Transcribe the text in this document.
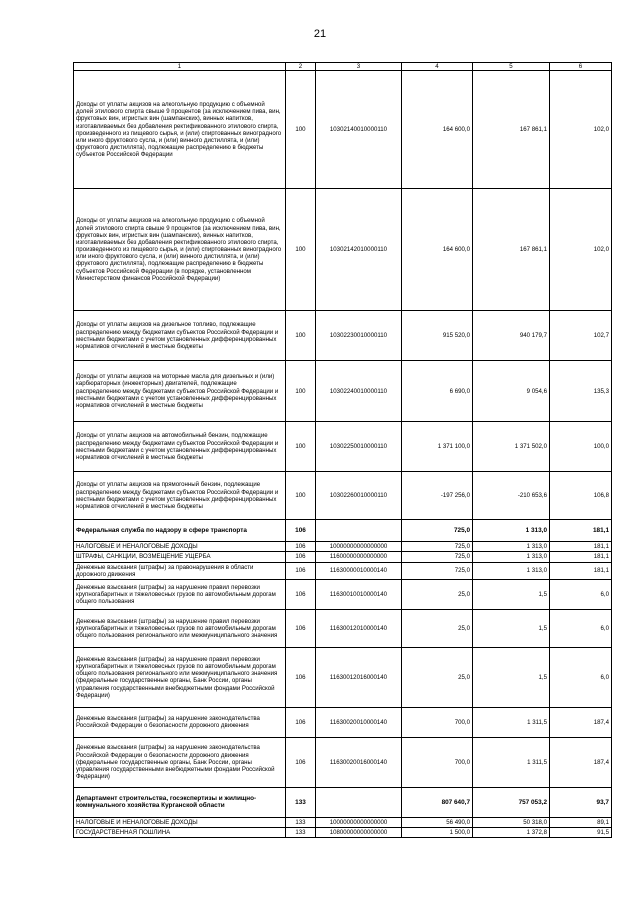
21
1	2	3	4	5	6
Доходы от уплаты акцизов на алкогольную продукцию с объемной долей этилового спирта свыше 9 процентов (за исключением пива, вин, фруктовых вин, игристых вин (шампанских), винных напитков, изготавливаемых без добавления ректификованного этилового спирта, произведенного из пищевого сырья, и (или) спиртованных виноградного или иного фруктового сусла, и (или) винного дистиллята, и (или) фруктового дистиллята), подлежащие распределению в бюджеты субъектов Российской Федерации	100	10302140010000110	164 600,0	167 861,1	102,0
Доходы от уплаты акцизов на алкогольную продукцию с объемной долей этилового спирта свыше 9 процентов (за исключением пива, вин, фруктовых вин, игристых вин (шампанских), винных напитков, изготавливаемых без добавления ректификованного этилового спирта, произведенного из пищевого сырья, и (или) спиртованных виноградного или иного фруктового сусла, и (или) винного дистиллята, и (или) фруктового дистиллята), подлежащие распределению в бюджеты субъектов Российской Федерации (в порядке, установленном Министерством финансов Российской Федерации)	100	10302142010000110	164 600,0	167 861,1	102,0
Доходы от уплаты акцизов на дизельное топливо, подлежащие распределению между бюджетами субъектов Российской Федерации и местными бюджетами с учетом установленных дифференцированных нормативов отчислений в местные бюджеты	100	10302230010000110	915 520,0	940 179,7	102,7
Доходы от уплаты акцизов на моторные масла для дизельных и (или) карбюраторных (инжекторных) двигателей, подлежащие распределению между бюджетами субъектов Российской Федерации и местными бюджетами с учетом установленных дифференцированных нормативов отчислений в местные бюджеты	100	10302240010000110	6 690,0	9 054,6	135,3
Доходы от уплаты акцизов на автомобильный бензин, подлежащие распределению между бюджетами субъектов Российской Федерации и местными бюджетами с учетом установленных дифференцированных нормативов отчислений в местные бюджеты	100	10302250010000110	1 371 100,0	1 371 502,0	100,0
Доходы от уплаты акцизов на прямогонный бензин, подлежащие распределению между бюджетами субъектов Российской Федерации и местными бюджетами с учетом установленных дифференцированных нормативов отчислений в местные бюджеты	100	10302260010000110	-197 256,0	-210 653,6	106,8
Федеральная служба по надзору в сфере транспорта	106		725,0	1 313,0	181,1
НАЛОГОВЫЕ И НЕНАЛОГОВЫЕ ДОХОДЫ	106	10000000000000000	725,0	1 313,0	181,1
ШТРАФЫ, САНКЦИИ, ВОЗМЕЩЕНИЕ УЩЕРБА	106	11600000000000000	725,0	1 313,0	181,1
Денежные взыскания (штрафы) за правонарушения в области дорожного движения	106	11630000010000140	725,0	1 313,0	181,1
Денежные взыскания (штрафы) за нарушение правил перевозки крупногабаритных и тяжеловесных грузов по автомобильным дорогам общего пользования	106	11630010010000140	25,0	1,5	6,0
Денежные взыскания (штрафы) за нарушение правил перевозки крупногабаритных и тяжеловесных грузов по автомобильным дорогам общего пользования регионального или межмуниципального значения	106	11630012010000140	25,0	1,5	6,0
Денежные взыскания (штрафы) за нарушение правил перевозки крупногабаритных и тяжеловесных грузов по автомобильным дорогам общего пользования регионального или межмуниципального значения (федеральные государственные органы, Банк России, органы управления государственными внебюджетными фондами Российской Федерации)	106	11630012016000140	25,0	1,5	6,0
Денежные взыскания (штрафы) за нарушение законодательства Российской Федерации о безопасности дорожного движения	106	11630020010000140	700,0	1 311,5	187,4
Денежные взыскания (штрафы) за нарушение законодательства Российской Федерации о безопасности дорожного движения (федеральные государственные органы, Банк России, органы управления государственными внебюджетными фондами Российской Федерации)	106	11630020016000140	700,0	1 311,5	187,4
Департамент строительства, госэкспертизы и жилищно-коммунального хозяйства Курганской области	133		807 640,7	757 053,2	93,7
НАЛОГОВЫЕ И НЕНАЛОГОВЫЕ ДОХОДЫ	133	10000000000000000	56 490,0	50 318,0	89,1
ГОСУДАРСТВЕННАЯ ПОШЛИНА	133	10800000000000000	1 500,0	1 372,8	91,5
